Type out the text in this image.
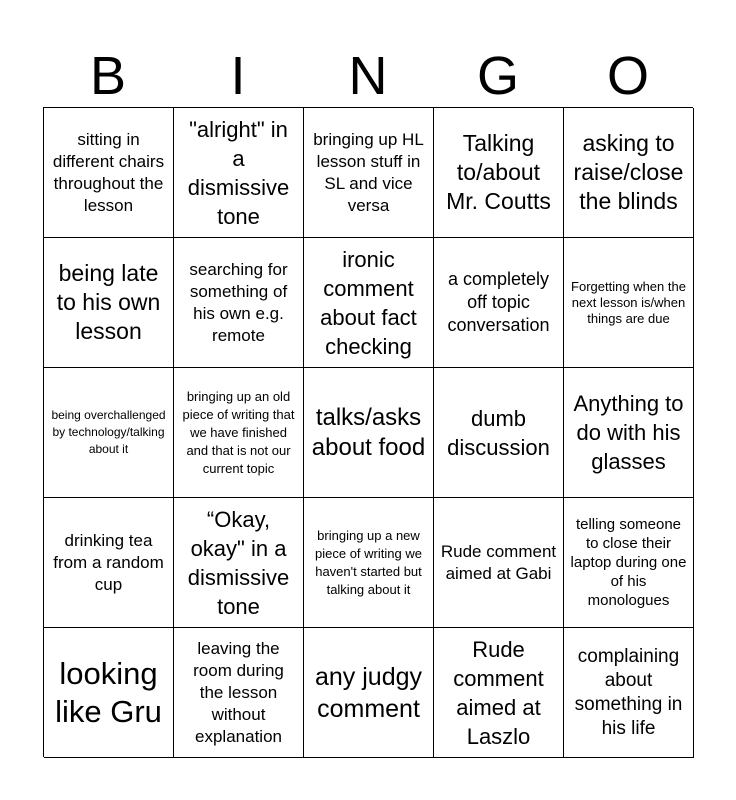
B	I	N	G	O
sitting in different chairs throughout the lesson
"alright" in a dismissive tone
bringing up HL lesson stuff in SL and vice versa
Talking to/about Mr. Coutts
asking to raise/close the blinds
being late to his own lesson
searching for something of his own e.g. remote
ironic comment about fact checking
a completely off topic conversation
Forgetting when the next lesson is/when things are due
being overchallenged by technology/talking about it
bringing up an old piece of writing that we have finished and that is not our current topic
talks/asks about food
dumb discussion
Anything to do with his glasses
drinking tea from a random cup
“Okay, okay" in a dismissive tone
bringing up a new piece of writing we haven't started but talking about it
Rude comment aimed at Gabi
telling someone to close their laptop during one of his monologues
looking like Gru
leaving the room during the lesson without explanation
any judgy comment
Rude comment aimed at Laszlo
complaining about something in his life
